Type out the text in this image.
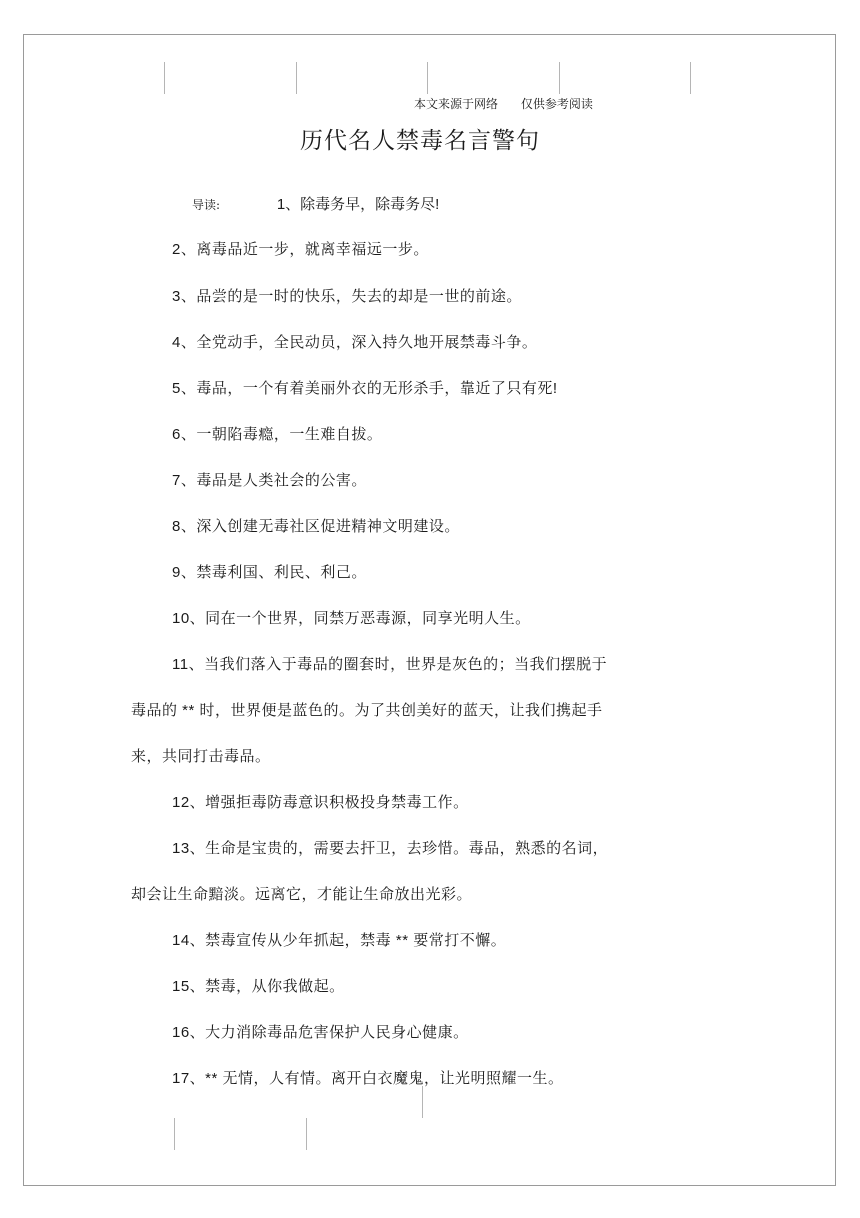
本文来源于网络      仅供参考阅读
历代名人禁毒名言警句
导读:	1、除毒务早，除毒务尽!
2、离毒品近一步，就离幸福远一步。
3、品尝的是一时的快乐，失去的却是一世的前途。
4、全党动手，全民动员，深入持久地开展禁毒斗争。
5、毒品，一个有着美丽外衣的无形杀手，靠近了只有死!
6、一朝陷毒瘾，一生难自拔。
7、毒品是人类社会的公害。
8、深入创建无毒社区促进精神文明建设。
9、禁毒利国、利民、利己。
10、同在一个世界，同禁万恶毒源，同享光明人生。
11、当我们落入于毒品的圈套时，世界是灰色的；当我们摆脱于
毒品的 ** 时，世界便是蓝色的。为了共创美好的蓝天，让我们携起手
来，共同打击毒品。
12、增强拒毒防毒意识积极投身禁毒工作。
13、生命是宝贵的，需要去扞卫，去珍惜。毒品，熟悉的名词，
却会让生命黯淡。远离它，才能让生命放出光彩。
14、禁毒宣传从少年抓起，禁毒 ** 要常打不懈。
15、禁毒，从你我做起。
16、大力消除毒品危害保护人民身心健康。
17、** 无情，人有情。离开白衣魔鬼，让光明照耀一生。
